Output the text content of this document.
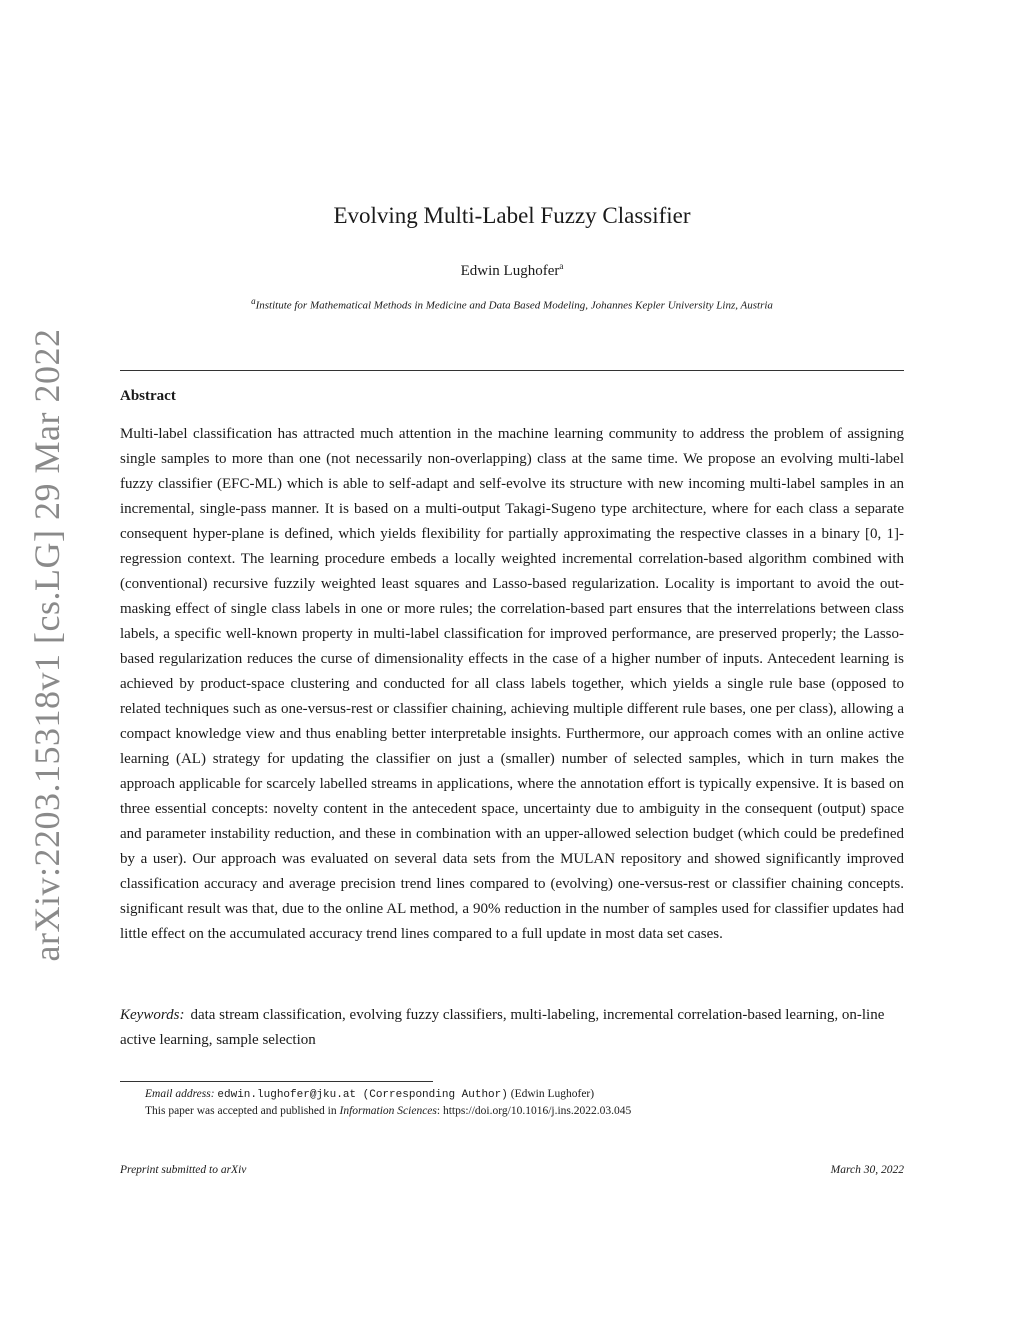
arXiv:2203.15318v1 [cs.LG] 29 Mar 2022
Evolving Multi-Label Fuzzy Classifier
Edwin Lughofer$^a$
$^a$Institute for Mathematical Methods in Medicine and Data Based Modeling, Johannes Kepler University Linz, Austria
Abstract
Multi-label classification has attracted much attention in the machine learning community to address the problem of assigning single samples to more than one (not necessarily non-overlapping) class at the same time. We propose an evolving multi-label fuzzy classifier (EFC-ML) which is able to self-adapt and self-evolve its structure with new incoming multi-label samples in an incremental, single-pass manner. It is based on a multi-output Takagi-Sugeno type architecture, where for each class a separate consequent hyper-plane is defined, which yields flexibility for partially approximating the respective classes in a binary [0, 1]-regression context. The learning procedure embeds a locally weighted incremental correlation-based algorithm combined with (conventional) recursive fuzzily weighted least squares and Lasso-based regularization. Locality is important to avoid the out-masking effect of single class labels in one or more rules; the correlation-based part ensures that the interrelations between class labels, a specific well-known property in multi-label classification for improved performance, are preserved properly; the Lasso-based regularization reduces the curse of dimensionality effects in the case of a higher number of inputs. Antecedent learning is achieved by product-space clustering and conducted for all class labels together, which yields a single rule base (opposed to related techniques such as one-versus-rest or classifier chaining, achieving multiple different rule bases, one per class), allowing a compact knowledge view and thus enabling better interpretable insights. Furthermore, our approach comes with an online active learning (AL) strategy for updating the classifier on just a (smaller) number of selected samples, which in turn makes the approach applicable for scarcely labelled streams in applications, where the annotation effort is typically expensive. It is based on three essential concepts: novelty content in the antecedent space, uncertainty due to ambiguity in the consequent (output) space and parameter instability reduction, and these in combination with an upper-allowed selection budget (which could be predefined by a user). Our approach was evaluated on several data sets from the MULAN repository and showed significantly improved classification accuracy and average precision trend lines compared to (evolving) one-versus-rest or classifier chaining concepts. significant result was that, due to the online AL method, a 90% reduction in the number of samples used for classifier updates had little effect on the accumulated accuracy trend lines compared to a full update in most data set cases.
Keywords: data stream classification, evolving fuzzy classifiers, multi-labeling, incremental correlation-based learning, on-line active learning, sample selection
Email address: edwin.lughofer@jku.at (Corresponding Author) (Edwin Lughofer)
This paper was accepted and published in Information Sciences: https://doi.org/10.1016/j.ins.2022.03.045
Preprint submitted to arXiv	March 30, 2022
